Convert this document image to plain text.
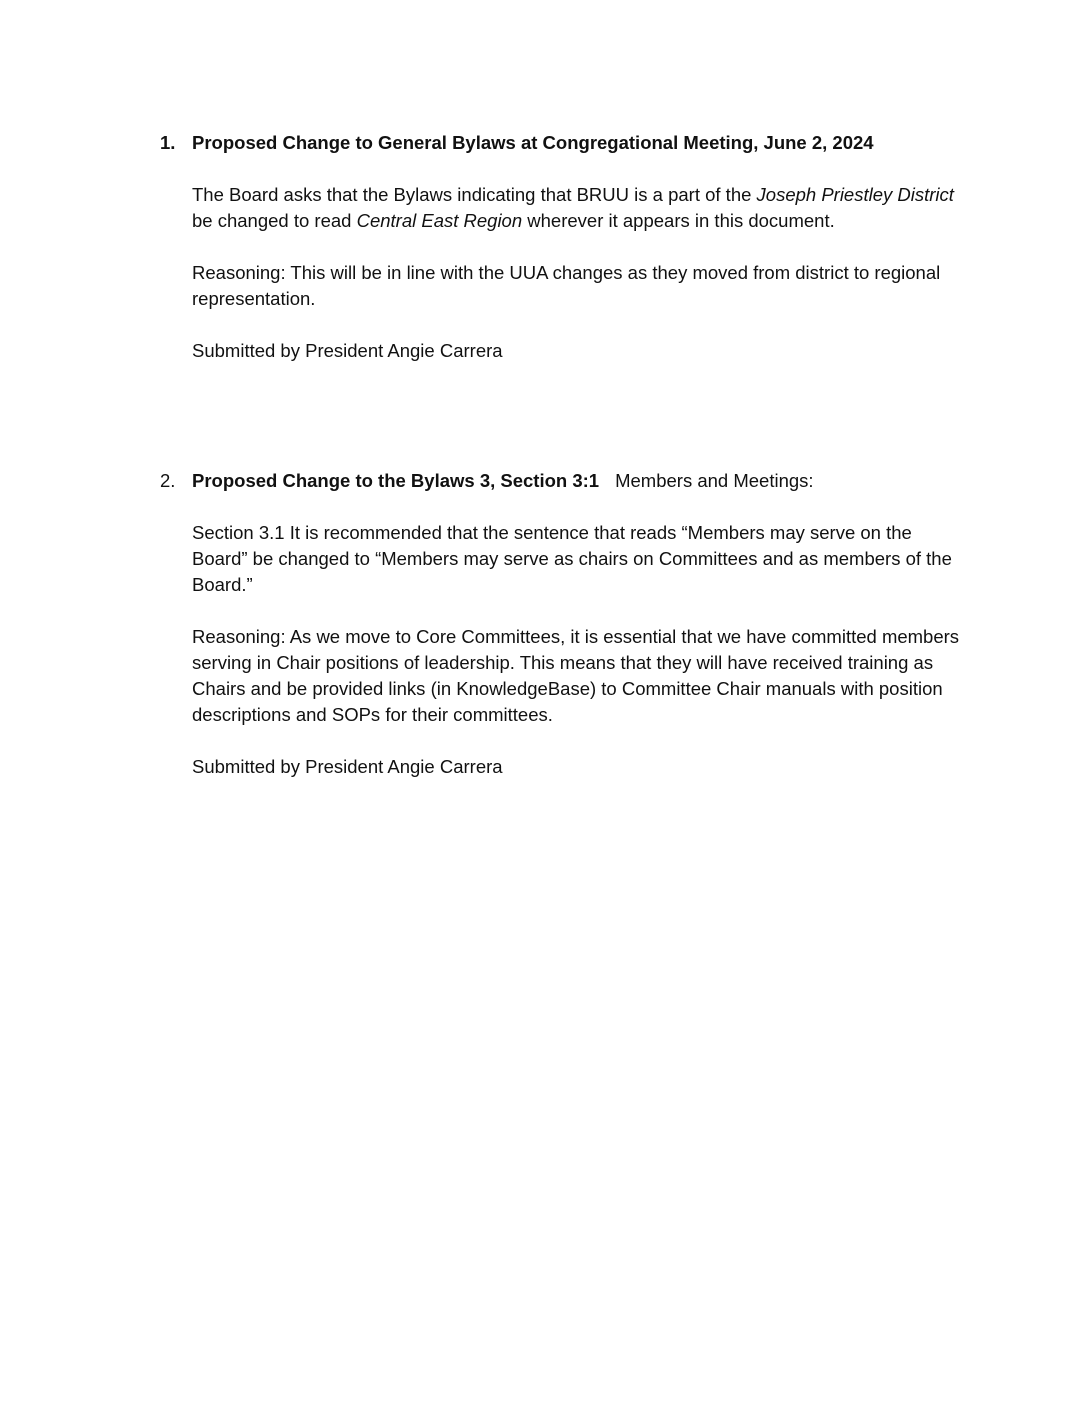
1. Proposed Change to General Bylaws at Congregational Meeting, June 2, 2024

The Board asks that the Bylaws indicating that BRUU is a part of the Joseph Priestley District be changed to read Central East Region wherever it appears in this document.

Reasoning: This will be in line with the UUA changes as they moved from district to regional representation.

Submitted by President Angie Carrera

2. Proposed Change to the Bylaws 3, Section 3:1 Members and Meetings:

Section 3.1 It is recommended that the sentence that reads “Members may serve on the Board” be changed to “Members may serve as chairs on Committees and as members of the Board.”

Reasoning: As we move to Core Committees, it is essential that we have committed members serving in Chair positions of leadership. This means that they will have received training as Chairs and be provided links (in KnowledgeBase) to Committee Chair manuals with position descriptions and SOPs for their committees.

Submitted by President Angie Carrera
